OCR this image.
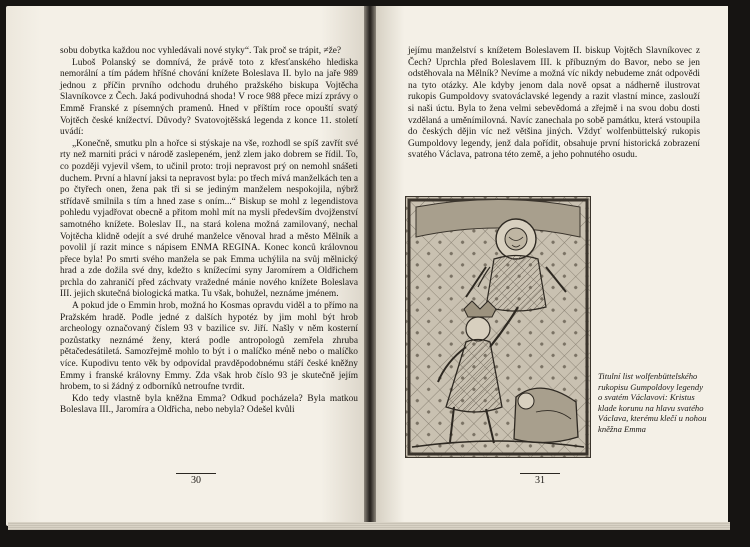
sobu dobytka každou noc vyhledávali nové styky“. Tak proč se trápit, ≠že?

Luboš Polanský se domnívá, že právě toto z křesťanského hlediska nemorální a tím pádem hříšné chování knížete Boleslava II. bylo na jaře 989 jednou z příčin prvního odchodu druhého pražského biskupa Vojtěcha Slavníkovce z Čech. Jaká podivuhodná shoda! V roce 988 přece mizí zprávy o Emmě Franské z písemných pramenů. Hned v příštím roce opouští svatý Vojtěch české knížectví. Důvody? Svatovojtěšská legenda z konce 11. století uvádí:

„Konečně, smutku pln a hořce si stýskaje na vše, rozhodl se spíš zavřít své rty než marniti práci v národě zaslepeném, jenž zlem jako dobrem se řídil. To, co později vyjevil všem, to učinil proto: troji nepravost prý on nemohl snášeti duchem. První a hlavní jaksi ta nepravost byla: po třech mívá manželkách ten a po čtyřech onen, žena pak tři si se jediným manželem nespokojila, nýbrž střídavě smilnila s tím a hned zase s oním...“ Biskup se mohl z legendistova pohledu vyjadřovat obecně a přitom mohl mít na mysli především dvojženství samotného knížete. Boleslav II., na stará kolena možná zamilovaný, nechal Vojtěcha klidně odejít a své druhé manželce věnoval hrad a město Mělník a povolil jí razit mince s nápisem ENMA REGINA. Konec konců královnou přece byla! Po smrti svého manžela se pak Emma uchýlila na svůj mělnický hrad a zde dožila své dny, kdežto s knížecími syny Jaromírem a Oldřichem prchla do zahraničí před záchvaty vražedné mánie nového knížete Boleslava III. jejich skutečná biologická matka. Tu však, bohužel, neznáme jménem.

A pokud jde o Emmin hrob, možná ho Kosmas opravdu viděl a to přímo na Pražském hradě. Podle jedné z dalších hypotéz by jim mohl být hrob archeology označovaný číslem 93 v bazilice sv. Jiří. Našly v něm kosterní pozůstatky neznámé ženy, která podle antropologů zemřela zhruba pětačedesátiletá. Samozřejmě mohlo to být i o malíčko méně nebo o malíčko více. Kupodivu tento věk by odpovídal pravděpodobnému stáří české kněžny Emmy i franské královny Emmy. Zda však hrob číslo 93 je skutečně jejím hrobem, to si žádný z odborníků netroufne tvrdit.

Kdo tedy vlastně byla kněžna Emma? Odkud pocházela? Byla matkou Boleslava III., Jaromíra a Oldřicha, nebo nebyla? Odešel kvůli

30

jejímu manželství s knížetem Boleslavem II. biskup Vojtěch Slavníkovec z Čech? Uprchla před Boleslavem III. k příbuzným do Bavor, nebo se jen odstěhovala na Mělník? Nevíme a možná víc nikdy nebudeme znát odpovědi na tyto otázky. Ale kdyby jenom dala nově opsat a nádherně ilustrovat rukopis Gumpoldovy svatováclavské legendy a razit vlastní mince, zaslouží si naši úctu. Byla to žena velmi sebevědomá a zřejmě i na svou dobu dosti vzdělaná a uměnímilovná. Navíc zanechala po sobě památku, která vstoupila do českých dějin víc než většina jiných. Vždyť wolfenbüttelský rukopis Gumpoldovy legendy, jenž dala pořídit, obsahuje první historická zobrazení svatého Václava, patrona této země, a jeho pohnutého osudu.

Titulní list wolfenbüttelského rukopisu Gumpoldovy legendy o svatém Václavovi: Kristus klade korunu na hlavu svatého Václava, kterému klečí u nohou kněžna Emma
31
